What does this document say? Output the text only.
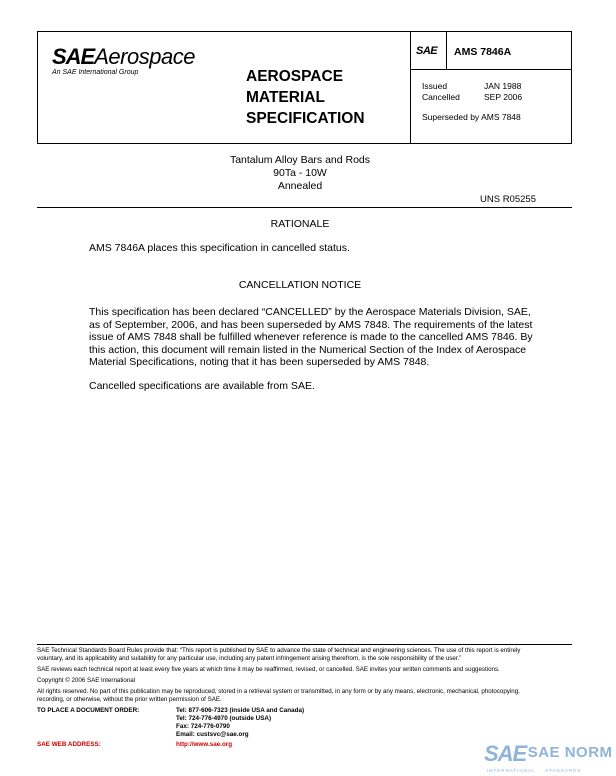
SAEAerospace
An SAE International Group	AEROSPACE
MATERIAL
SPECIFICATION
SAE AMS 7846A
Issued	JAN 1988
Cancelled	SEP 2006
Superseded by AMS 7848
Tantalum Alloy Bars and Rods
90Ta - 10W
Annealed
UNS R05255
RATIONALE
AMS 7846A places this specification in cancelled status.
CANCELLATION NOTICE
This specification has been declared “CANCELLED” by the Aerospace Materials Division, SAE,
as of September, 2006, and has been superseded by AMS 7848. The requirements of the latest
issue of AMS 7848 shall be fulfilled whenever reference is made to the cancelled AMS 7846. By
this action, this document will remain listed in the Numerical Section of the Index of Aerospace
Material Specifications, noting that it has been superseded by AMS 7848.
Cancelled specifications are available from SAE.
SAE Technical Standards Board Rules provide that: “This report is published by SAE to advance the state of technical and engineering sciences. The use of this report is entirely
voluntary, and its applicability and suitability for any particular use, including any patent infringement arising therefrom, is the sole responsibility of the user.”
SAE reviews each technical report at least every five years at which time it may be reaffirmed, revised, or cancelled. SAE invites your written comments and suggestions.
Copyright © 2006 SAE International
All rights reserved. No part of this publication may be reproduced, stored in a retrieval system or transmitted, in any form or by any means, electronic, mechanical, photocopying,
recording, or otherwise, without the prior written permission of SAE.
TO PLACE A DOCUMENT ORDER:	Tel: 877-606-7323 (inside USA and Canada)
Tel: 724-776-4970 (outside USA)
Fax: 724-776-0790
Email: custsvc@sae.org
SAE WEB ADDRESS:	http://www.sae.org	SAE SAE NORM
INTERNATIONAL STANDARDS
